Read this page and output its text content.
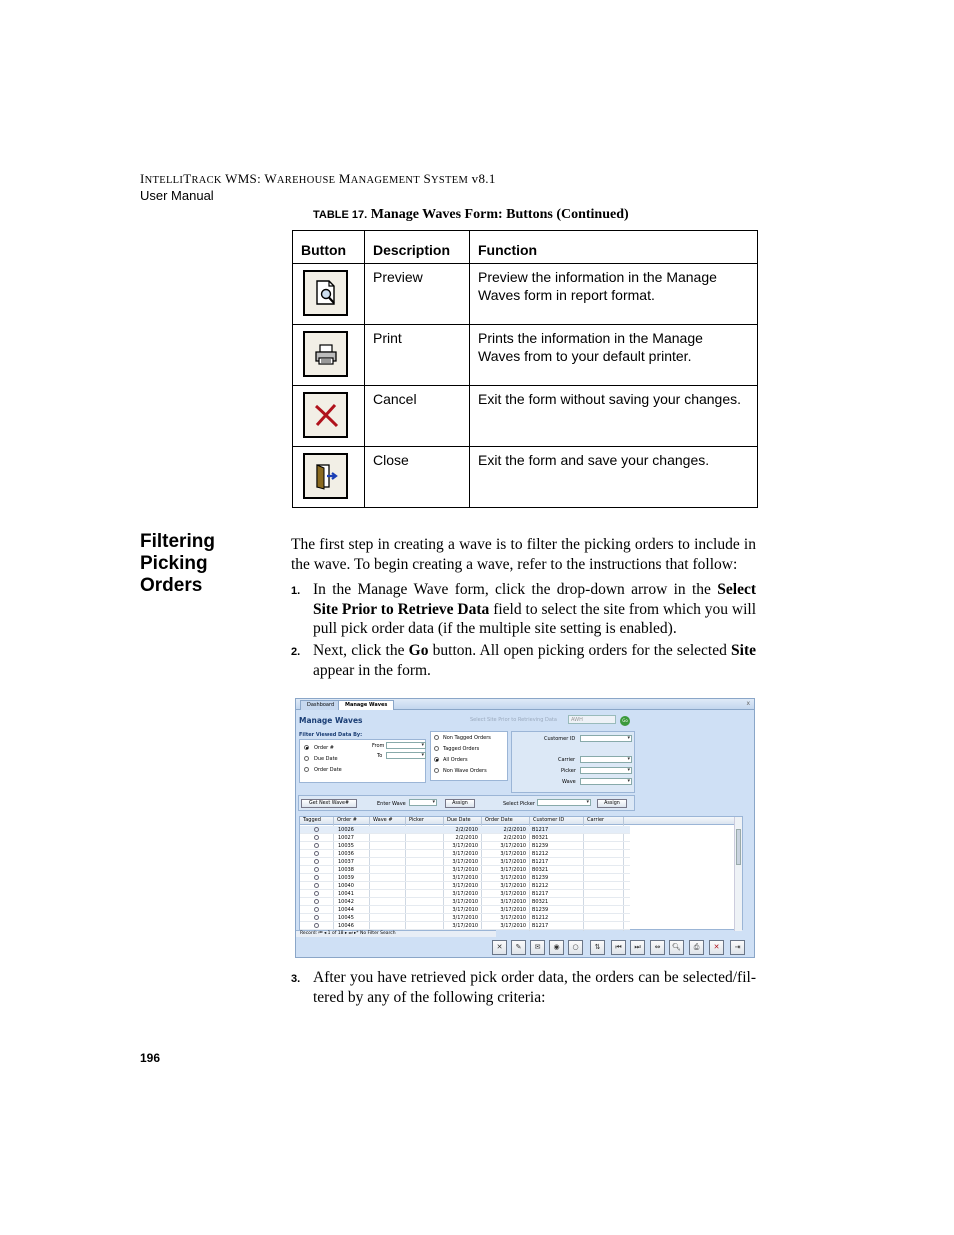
INTELLITRACK WMS: WAREHOUSE MANAGEMENT SYSTEM v8.1
User Manual
TABLE 17. Manage Waves Form: Buttons (Continued)
Button	Description	Function

	Preview	Preview the information in the Manage Waves form in report format.

	Print	Prints the information in the Manage Waves from to your default printer.

	Cancel	Exit the form without saving your changes.

	Close	Exit the form and save your changes.
Filtering
Picking
Orders
The first step in creating a wave is to filter the picking orders to include in the wave. To begin creating a wave, refer to the instructions that follow:
1. In the Manage Wave form, click the drop-down arrow in the Select Site Prior to Retrieve Data field to select the site from which you will pull pick order data (if the multiple site setting is enabled).
2. Next, click the Go button. All open picking orders for the selected Site appear in the form.
Dashboard	Manage Waves	x
Manage Waves	Select Site Prior to Retrieving Data	AWH	Go
Filter Viewed Data By:
Order #
Due Date
Order Date
From
▾
To
▾
Non Tagged Orders
Tagged Orders
All Orders
Non Wave Orders
Customer ID
▾
Carrier
▾
Picker
▾
Wave
▾
Get Next Wave#	Enter Wave ▾	Assign	Select Picker ▾	Assign
Tagged	Order #	Wave #	Picker	Due Date	Order Date	Customer ID	Carrier
10026	2/2/2010	2/2/2010 B1217
10027	2/2/2010	2/2/2010 B0321
10035	3/17/2010	3/17/2010 B1239
10036	3/17/2010	3/17/2010 B1212
10037	3/17/2010	3/17/2010 B1217
10038	3/17/2010	3/17/2010 B0321
10039	3/17/2010	3/17/2010 B1239
10040	3/17/2010	3/17/2010 B1212
10041	3/17/2010	3/17/2010 B1217
10042	3/17/2010	3/17/2010 B0321
10044	3/17/2010	3/17/2010 B1239
10045	3/17/2010	3/17/2010 B1212
10046	3/17/2010	3/17/2010 B1217
Record: ⏮ ◂ 1 of 18 ▸ ⏭ ▸* No Filter Search
✕	✎	✉	◉	○	⇅	⏮	⏭	⇔	🔍︎	⎙	✕	⇥
3. After you have retrieved pick order data, the orders can be selected/fil-tered by any of the following criteria:
196
